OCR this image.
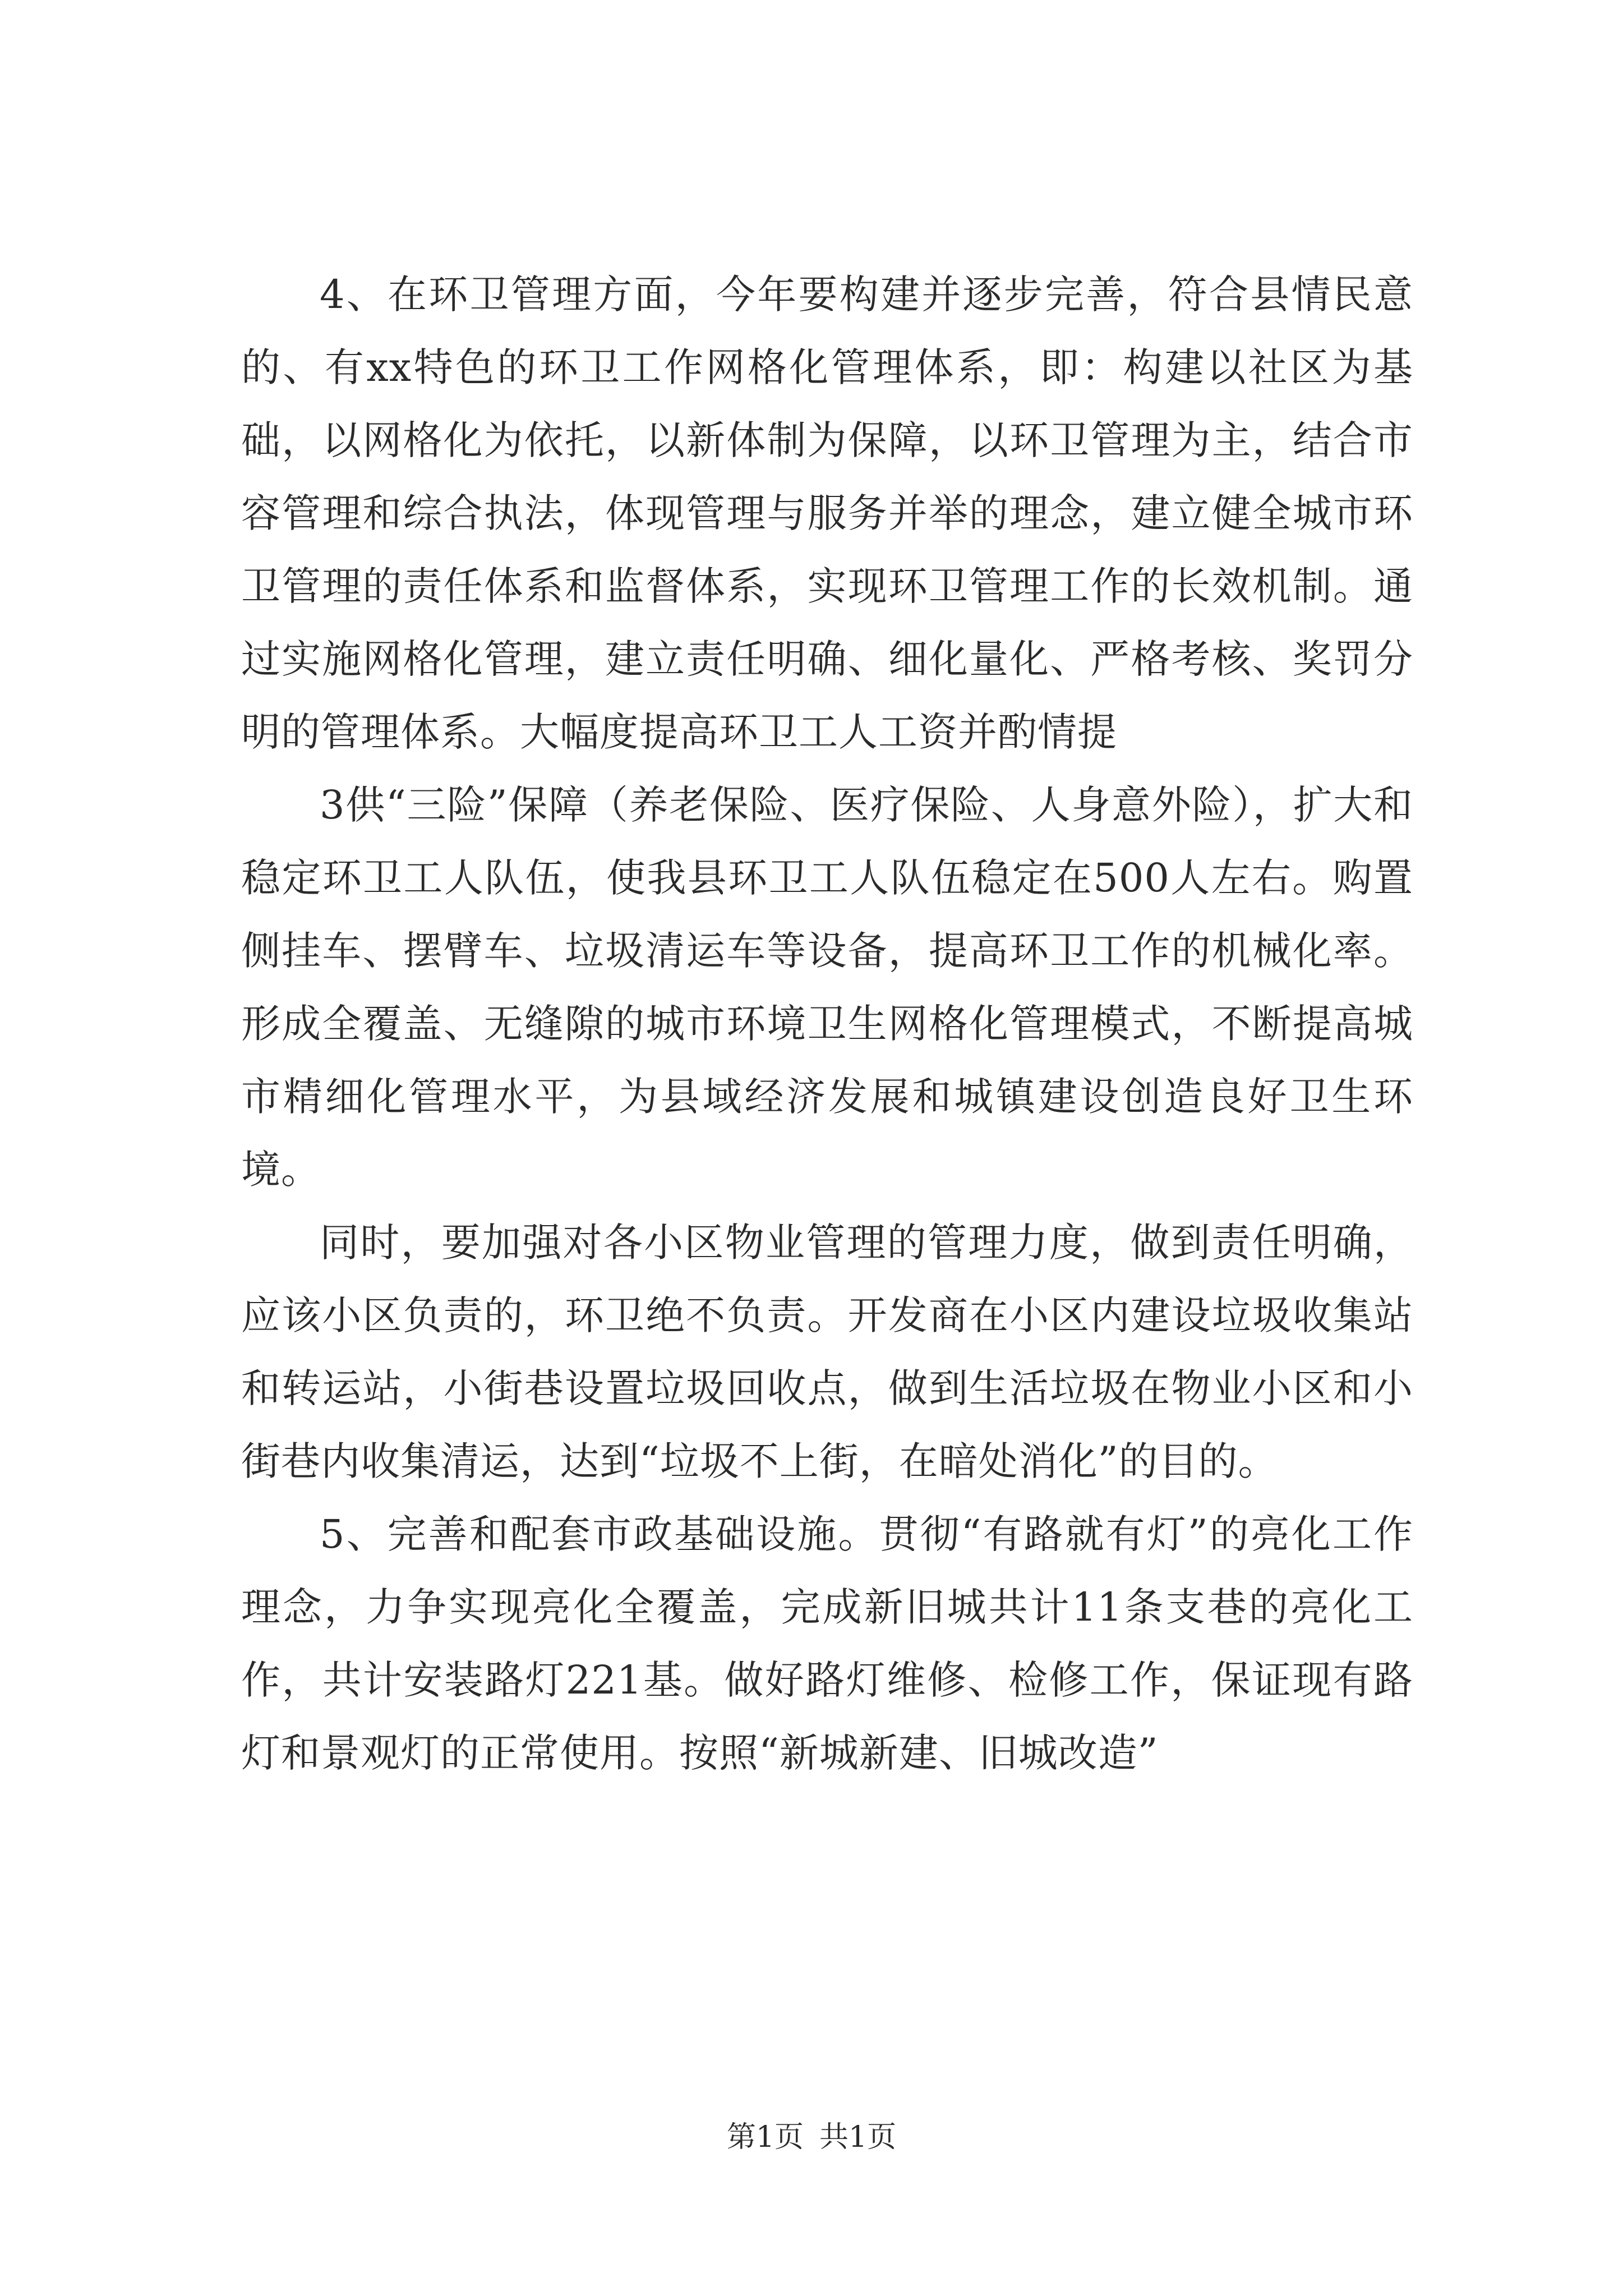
4、在环卫管理方面，今年要构建并逐步完善，符合县情民意的、有xx特色的环卫工作网格化管理体系，即：构建以社区为基础，以网格化为依托，以新体制为保障，以环卫管理为主，结合市容管理和综合执法，体现管理与服务并举的理念，建立健全城市环卫管理的责任体系和监督体系，实现环卫管理工作的长效机制。通过实施网格化管理，建立责任明确、细化量化、严格考核、奖罚分明的管理体系。大幅度提高环卫工人工资并酌情提

3供“三险”保障（养老保险、医疗保险、人身意外险），扩大和稳定环卫工人队伍，使我县环卫工人队伍稳定在500人左右。购置侧挂车、摆臂车、垃圾清运车等设备，提高环卫工作的机械化率。形成全覆盖、无缝隙的城市环境卫生网格化管理模式，不断提高城市精细化管理水平，为县域经济发展和城镇建设创造良好卫生环境。

同时，要加强对各小区物业管理的管理力度，做到责任明确，应该小区负责的，环卫绝不负责。开发商在小区内建设垃圾收集站和转运站，小街巷设置垃圾回收点，做到生活垃圾在物业小区和小街巷内收集清运，达到“垃圾不上街，在暗处消化”的目的。

5、完善和配套市政基础设施。贯彻“有路就有灯”的亮化工作理念，力争实现亮化全覆盖，完成新旧城共计11条支巷的亮化工作，共计安装路灯221基。做好路灯维修、检修工作，保证现有路灯和景观灯的正常使用。按照“新城新建、旧城改造”

第1页 共1页
